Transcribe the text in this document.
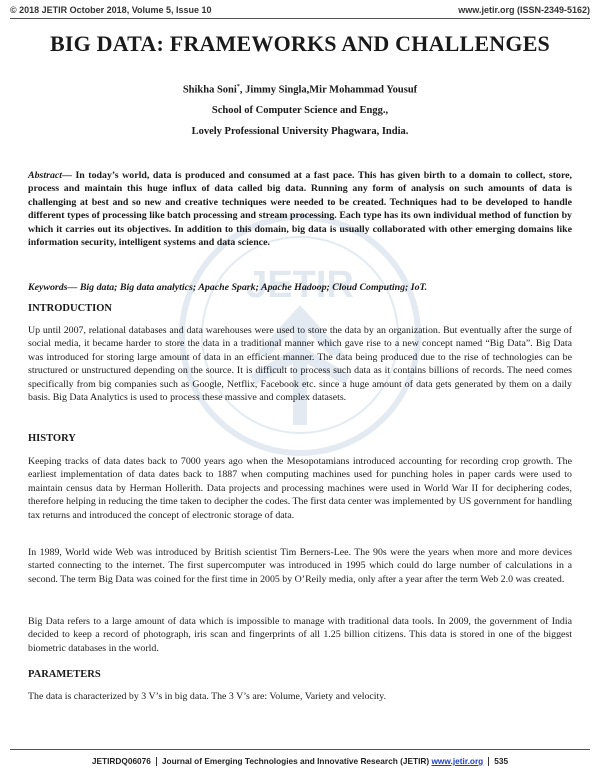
JETIR
© 2018 JETIR October 2018, Volume 5, Issue 10	www.jetir.org (ISSN-2349-5162)
BIG DATA: FRAMEWORKS AND CHALLENGES
Shikha Soni*, Jimmy Singla,Mir Mohammad Yousuf
School of Computer Science and Engg.,
Lovely Professional University Phagwara, India.
Abstract— In today’s world, data is produced and consumed at a fast pace. This has given birth to a domain to collect, store, process and maintain this huge influx of data called big data. Running any form of analysis on such amounts of data is challenging at best and so new and creative techniques were needed to be created. Techniques had to be developed to handle different types of processing like batch processing and stream processing. Each type has its own individual method of function by which it carries out its objectives. In addition to this domain, big data is usually collaborated with other emerging domains like information security, intelligent systems and data science.
Keywords— Big data; Big data analytics; Apache Spark; Apache Hadoop; Cloud Computing; IoT.
INTRODUCTION
Up until 2007, relational databases and data warehouses were used to store the data by an organization. But eventually after the surge of social media, it became harder to store the data in a traditional manner which gave rise to a new concept named “Big Data”. Big Data was introduced for storing large amount of data in an efficient manner. The data being produced due to the rise of technologies can be structured or unstructured depending on the source. It is difficult to process such data as it contains billions of records. The need comes specifically from big companies such as Google, Netflix, Facebook etc. since a huge amount of data gets generated by them on a daily basis. Big Data Analytics is used to process these massive and complex datasets.
HISTORY
Keeping tracks of data dates back to 7000 years ago when the Mesopotamians introduced accounting for recording crop growth. The earliest implementation of data dates back to 1887 when computing machines used for punching holes in paper cards were used to maintain census data by Herman Hollerith. Data projects and processing machines were used in World War II for deciphering codes, therefore helping in reducing the time taken to decipher the codes. The first data center was implemented by US government for handling tax returns and introduced the concept of electronic storage of data.
In 1989, World wide Web was introduced by British scientist Tim Berners-Lee. The 90s were the years when more and more devices started connecting to the internet. The first supercomputer was introduced in 1995 which could do large number of calculations in a second. The term Big Data was coined for the first time in 2005 by O’Reily media, only after a year after the term Web 2.0 was created.
Big Data refers to a large amount of data which is impossible to manage with traditional data tools. In 2009, the government of India decided to keep a record of photograph, iris scan and fingerprints of all 1.25 billion citizens. This data is stored in one of the biggest biometric databases in the world.
PARAMETERS
The data is characterized by 3 V’s in big data. The 3 V’s are: Volume, Variety and velocity.
JETIRDQ06076 Journal of Emerging Technologies and Innovative Research (JETIR) www.jetir.org 535
